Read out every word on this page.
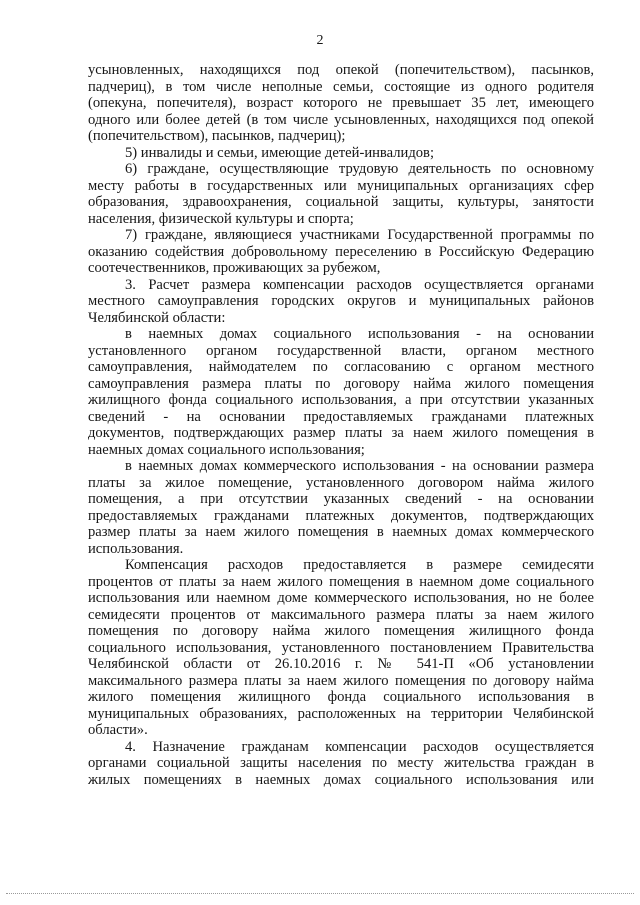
2
усыновленных, находящихся под опекой (попечительством), пасынков,
падчериц), в том числе неполные семьи, состоящие из одного родителя
(опекуна, попечителя), возраст которого не превышает 35 лет, имеющего
одного или более детей (в том числе усыновленных, находящихся под опекой
(попечительством), пасынков, падчериц);
5) инвалиды и семьи, имеющие детей-инвалидов;
6) граждане, осуществляющие трудовую деятельность по основному
месту работы в государственных или муниципальных организациях сфер
образования, здравоохранения, социальной защиты, культуры, занятости
населения, физической культуры и спорта;
7) граждане, являющиеся участниками Государственной программы по
оказанию содействия добровольному переселению в Российскую Федерацию
соотечественников, проживающих за рубежом,
3. Расчет размера компенсации расходов осуществляется органами
местного самоуправления городских округов и муниципальных районов
Челябинской области:
в наемных домах социального использования - на основании
установленного органом государственной власти, органом местного
самоуправления, наймодателем по согласованию с органом местного
самоуправления размера платы по договору найма жилого помещения
жилищного фонда социального использования, а при отсутствии указанных
сведений - на основании предоставляемых гражданами платежных
документов, подтверждающих размер платы за наем жилого помещения в
наемных домах социального использования;
в наемных домах коммерческого использования - на основании размера
платы за жилое помещение, установленного договором найма жилого
помещения, а при отсутствии указанных сведений - на основании
предоставляемых гражданами платежных документов, подтверждающих
размер платы за наем жилого помещения в наемных домах коммерческого
использования.
Компенсация расходов предоставляется в размере семидесяти
процентов от платы за наем жилого помещения в наемном доме социального
использования или наемном доме коммерческого использования, но не более
семидесяти процентов от максимального размера платы за наем жилого
помещения по договору найма жилого помещения жилищного фонда
социального использования, установленного постановлением Правительства
Челябинской области от 26.10.2016 г. № 541-П «Об установлении
максимального размера платы за наем жилого помещения по договору найма
жилого помещения жилищного фонда социального использования в
муниципальных образованиях, расположенных на территории Челябинской
области».
4. Назначение гражданам компенсации расходов осуществляется
органами социальной защиты населения по месту жительства граждан в
жилых помещениях в наемных домах социального использования или
